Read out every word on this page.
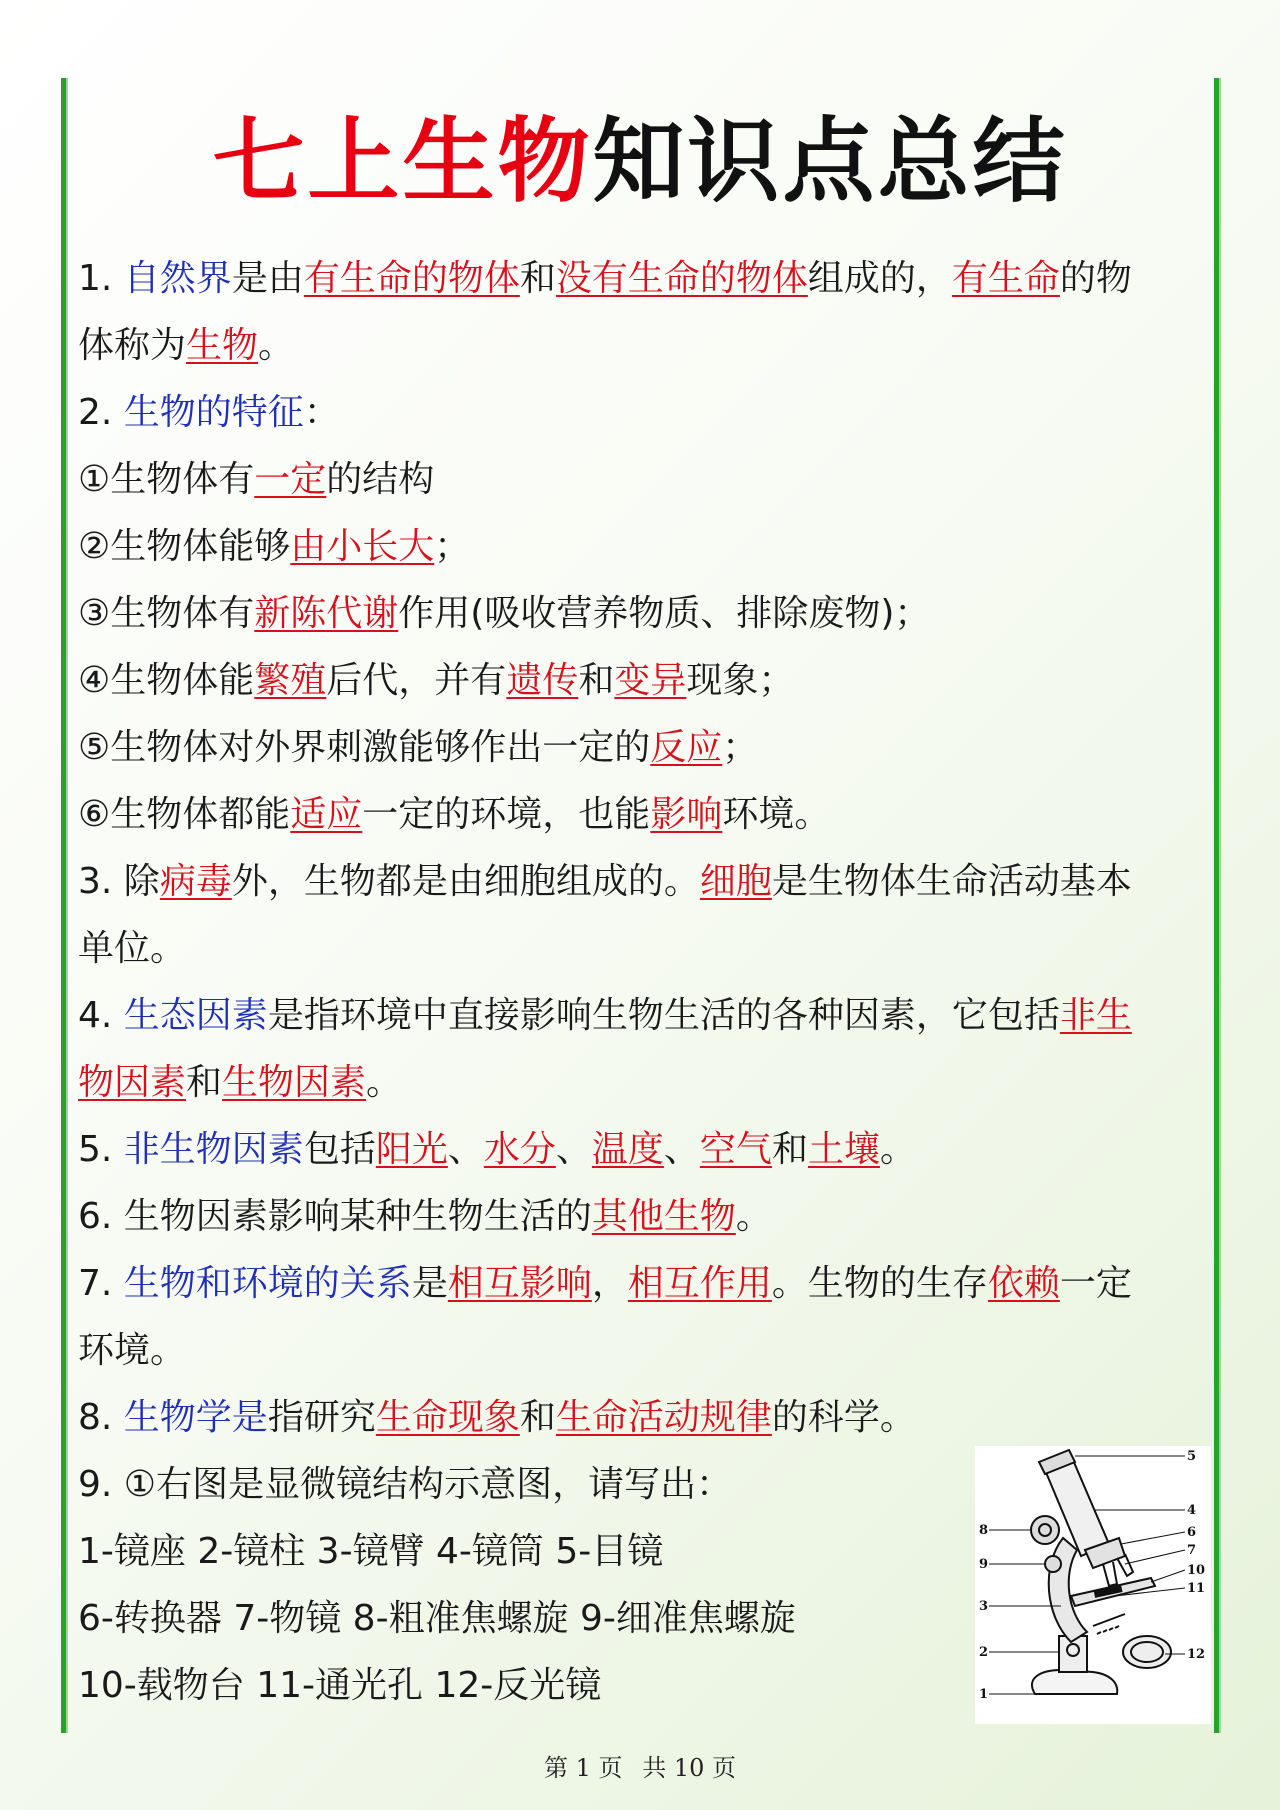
七上生物知识点总结
1. 自然界是由有生命的物体和没有生命的物体组成的，有生命的物
体称为生物。
2. 生物的特征：
①生物体有一定的结构
②生物体能够由小长大；
③生物体有新陈代谢作用(吸收营养物质、排除废物)；
④生物体能繁殖后代，并有遗传和变异现象；
⑤生物体对外界刺激能够作出一定的反应；
⑥生物体都能适应一定的环境，也能影响环境。
3. 除病毒外，生物都是由细胞组成的。细胞是生物体生命活动基本
单位。
4. 生态因素是指环境中直接影响生物生活的各种因素，它包括非生
物因素和生物因素。
5. 非生物因素包括阳光、水分、温度、空气和土壤。
6. 生物因素影响某种生物生活的其他生物。
7. 生物和环境的关系是相互影响，相互作用。生物的生存依赖一定
环境。
8. 生物学是指研究生命现象和生命活动规律的科学。
9. ①右图是显微镜结构示意图，请写出：
1-镜座 2-镜柱 3-镜臂 4-镜筒 5-目镜
6-转换器 7-物镜 8-粗准焦螺旋 9-细准焦螺旋
10-载物台 11-通光孔 12-反光镜	1
2
3
4
5
6
7
8
9	10
11
12
第 1 页 共 10 页
